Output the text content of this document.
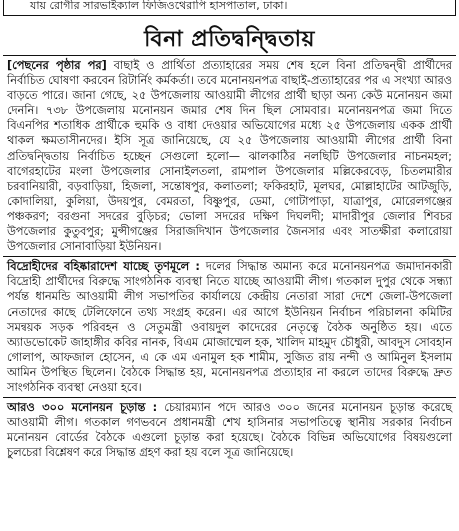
যায় রোগীর সারভাইক্যাল ফিজিওথেরাপি হাসপাতাল, ঢাকা।
বিনা প্রতিদ্বন্দ্বিতায়

[পেছনের পৃষ্ঠার পর] বাছাই ও প্রার্থিতা প্রত্যাহারের সময় শেষ হলে বিনা প্রতিদ্বন্দ্বী প্রার্থীদের নির্বাচিত ঘোষণা করবেন রিটার্নিং কর্মকর্তা। তবে মনোনয়নপত্র বাছাই-প্রত্যাহারের পর এ সংখ্যা আরও বাড়তে পারে। জানা গেছে, ২৫ উপজেলায় আওয়ামী লীগের প্রার্থী ছাড়া অন্য কেউ মনোনয়ন জমা দেননি। ৭৩৮ উপজেলায় মনোনয়ন জমার শেষ দিন ছিল সোমবার। মনোনয়নপত্র জমা দিতে বিএনপির শতাধিক প্রার্থীকে হুমকি ও বাধা দেওয়ার অভিযোগের মধ্যে ২৫ উপজেলায় একক প্রার্থী থাকল ক্ষমতাসীনদের। ইসি সূত্র জানিয়েছে, যে ২৫ উপজেলায় আওয়ামী লীগের প্রার্থী বিনা প্রতিদ্বন্দ্বিতায় নির্বাচিত হচ্ছেন সেগুলো হলো— ঝালকাঠির নলছিটি উপজেলার নাচনমহল; বাগেরহাটের মংলা উপজেলার সোনাইলতলা, রামপাল উপজেলার মল্লিকেরবেড়, চিতলমারীর চরবানিয়ারী, বড়বাড়িয়া, হিজলা, সন্তোষপুর, কলাতলা; ফকিরহাট, মূলঘর, মোল্লাহাটের আটজুড়ি, কোদালিয়া, কুলিয়া, উদয়পুর, বেমরতা, বিষ্ণুপুর, ডেমা, গোটাপাড়া, যাত্রাপুর, মোরেলগঞ্জের পঞ্চকরণ; বরগুনা সদরের বুড়িচর; ভোলা সদরের দক্ষিণ দিঘলদী; মাদারীপুর জেলার শিবচর উপজেলার কুতুবপুর; মুন্সীগঞ্জের সিরাজদিখান উপজেলার জৈনসার এবং সাতক্ষীরা কলারোয়া উপজেলার সোনাবাড়িয়া ইউনিয়ন।

বিদ্রোহীদের বহিষ্কারাদেশ যাচ্ছে তৃণমূলে : দলের সিদ্ধান্ত অমান্য করে মনোনয়নপত্র জমাদানকারী বিদ্রোহী প্রার্থীদের বিরুদ্ধে সাংগঠনিক ব্যবস্থা নিতে যাচ্ছে আওয়ামী লীগ। গতকাল দুপুর থেকে সন্ধ্যা পর্যন্ত ধানমন্ডি আওয়ামী লীগ সভাপতির কার্যালয়ে কেন্দ্রীয় নেতারা সারা দেশে জেলা-উপজেলা নেতাদের কাছে টেলিফোনে তথ্য সংগ্রহ করেন। এর আগে ইউনিয়ন নির্বাচন পরিচালনা কমিটির সমন্বয়ক সড়ক পরিবহন ও সেতুমন্ত্রী ওবায়দুল কাদেরের নেতৃত্বে বৈঠক অনুষ্ঠিত হয়। এতে অ্যাডভোকেট জাহাঙ্গীর কবির নানক, বিএম মোজাম্মেল হক, খালিদ মাহমুদ চৌধুরী, আবদুস সোবহান গোলাপ, আফজাল হোসেন, এ কে এম এনামুল হক শামীম, সুজিত রায় নন্দী ও আমিনুল ইসলাম আমিন উপস্থিত ছিলেন। বৈঠকে সিদ্ধান্ত হয়, মনোনয়নপত্র প্রত্যাহার না করলে তাদের বিরুদ্ধে দ্রুত সাংগঠনিক ব্যবস্থা নেওয়া হবে।

আরও ৩০০ মনোনয়ন চূড়ান্ত : চেয়ারম্যান পদে আরও ৩০০ জনের মনোনয়ন চূড়ান্ত করেছে আওয়ামী লীগ। গতকাল গণভবনে প্রধানমন্ত্রী শেখ হাসিনার সভাপতিত্বে স্থানীয় সরকার নির্বাচন মনোনয়ন বোর্ডের বৈঠকে এগুলো চূড়ান্ত করা হয়েছে। বৈঠকে বিভিন্ন অভিযোগের বিষয়গুলো চুলচেরা বিশ্লেষণ করে সিদ্ধান্ত গ্রহণ করা হয় বলে সূত্র জানিয়েছে।
